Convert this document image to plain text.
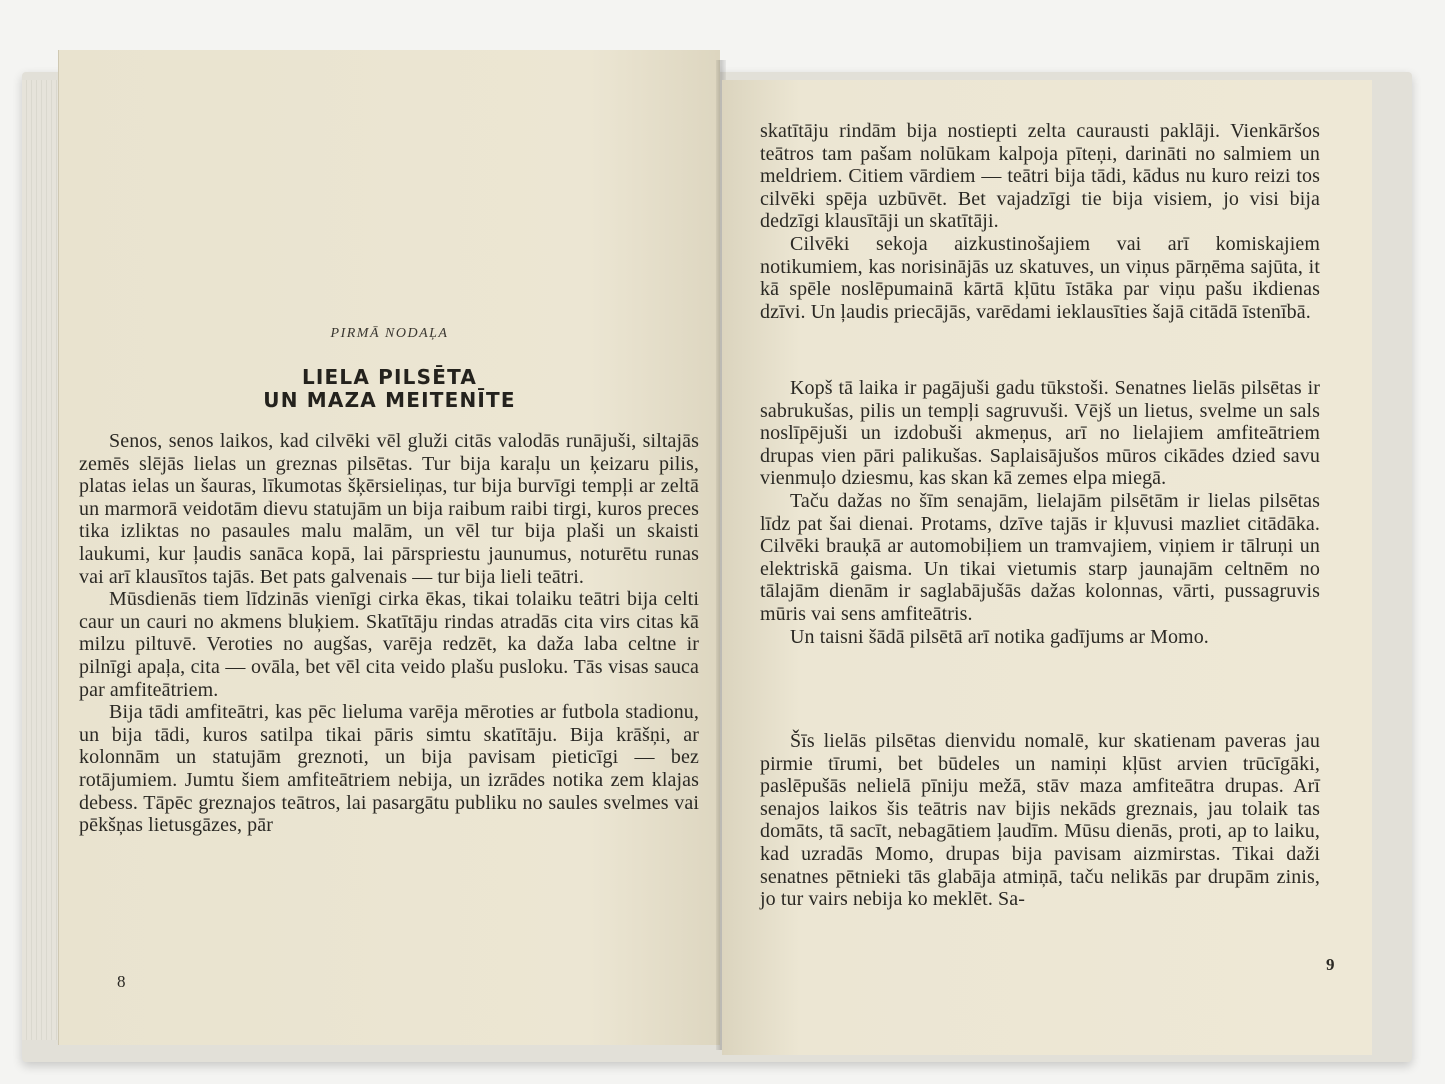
PIRMĀ NODAĻA
LIELA PILSĒTA
UN MAZA MEITENĪTE

Senos, senos laikos, kad cilvēki vēl gluži citās valodās runājuši, siltajās zemēs slējās lielas un greznas pilsētas. Tur bija karaļu un ķeizaru pilis, platas ielas un šauras, līkumotas šķērsieliņas, tur bija burvīgi tempļi ar zeltā un marmorā veidotām dievu statujām un bija raibum raibi tirgi, kuros preces tika izliktas no pasaules malu malām, un vēl tur bija plaši un skaisti laukumi, kur ļaudis sanāca kopā, lai pārspriestu jaunumus, noturētu runas vai arī klausītos tajās. Bet pats galvenais — tur bija lieli teātri.

Mūsdienās tiem līdzinās vienīgi cirka ēkas, tikai tolaiku teātri bija celti caur un cauri no akmens bluķiem. Skatītāju rindas atradās cita virs citas kā milzu piltuvē. Veroties no augšas, varēja redzēt, ka daža laba celtne ir pilnīgi apaļa, cita — ovāla, bet vēl cita veido plašu pusloku. Tās visas sauca par amfiteātriem.

Bija tādi amfiteātri, kas pēc lieluma varēja mēroties ar futbola stadionu, un bija tādi, kuros satilpa tikai pāris simtu skatītāju. Bija krāšņi, ar kolonnām un statujām greznoti, un bija pavisam pieticīgi — bez rotājumiem. Jumtu šiem amfiteātriem nebija, un izrādes notika zem klajas debess. Tāpēc greznajos teātros, lai pasargātu publiku no saules svelmes vai pēkšņas lietusgāzes, pār

8

skatītāju rindām bija nostiepti zelta caurausti paklāji. Vienkāršos teātros tam pašam nolūkam kalpoja pīteņi, darināti no salmiem un meldriem. Citiem vārdiem — teātri bija tādi, kādus nu kuro reizi tos cilvēki spēja uzbūvēt. Bet vajadzīgi tie bija visiem, jo visi bija dedzīgi klausītāji un skatītāji.

Cilvēki sekoja aizkustinošajiem vai arī komiskajiem notikumiem, kas norisinājās uz skatuves, un viņus pārņēma sajūta, it kā spēle noslēpumainā kārtā kļūtu īstāka par viņu pašu ikdienas dzīvi. Un ļaudis priecājās, varēdami ieklausīties šajā citādā īstenībā.

Kopš tā laika ir pagājuši gadu tūkstoši. Senatnes lielās pilsētas ir sabrukušas, pilis un tempļi sagruvuši. Vējš un lietus, svelme un sals noslīpējuši un izdobuši akmeņus, arī no lielajiem amfiteātriem drupas vien pāri palikušas. Saplaisājušos mūros cikādes dzied savu vienmuļo dziesmu, kas skan kā zemes elpa miegā.

Taču dažas no šīm senajām, lielajām pilsētām ir lielas pilsētas līdz pat šai dienai. Protams, dzīve tajās ir kļuvusi mazliet citādāka. Cilvēki brauķā ar automobiļiem un tramvajiem, viņiem ir tālruņi un elektriskā gaisma. Un tikai vietumis starp jaunajām celtnēm no tālajām dienām ir saglabājušās dažas kolonnas, vārti, pussagruvis mūris vai sens amfiteātris.

Un taisni šādā pilsētā arī notika gadījums ar Momo.

Šīs lielās pilsētas dienvidu nomalē, kur skatienam paveras jau pirmie tīrumi, bet būdeles un namiņi kļūst arvien trūcīgāki, paslēpušās nelielā pīniju mežā, stāv maza amfiteātra drupas. Arī senajos laikos šis teātris nav bijis nekāds greznais, jau tolaik tas domāts, tā sacīt, nebagātiem ļaudīm. Mūsu dienās, proti, ap to laiku, kad uzradās Momo, drupas bija pavisam aizmirstas. Tikai daži senatnes pētnieki tās glabāja atmiņā, taču nelikās par drupām zinis, jo tur vairs nebija ko meklēt. Sa-

9
